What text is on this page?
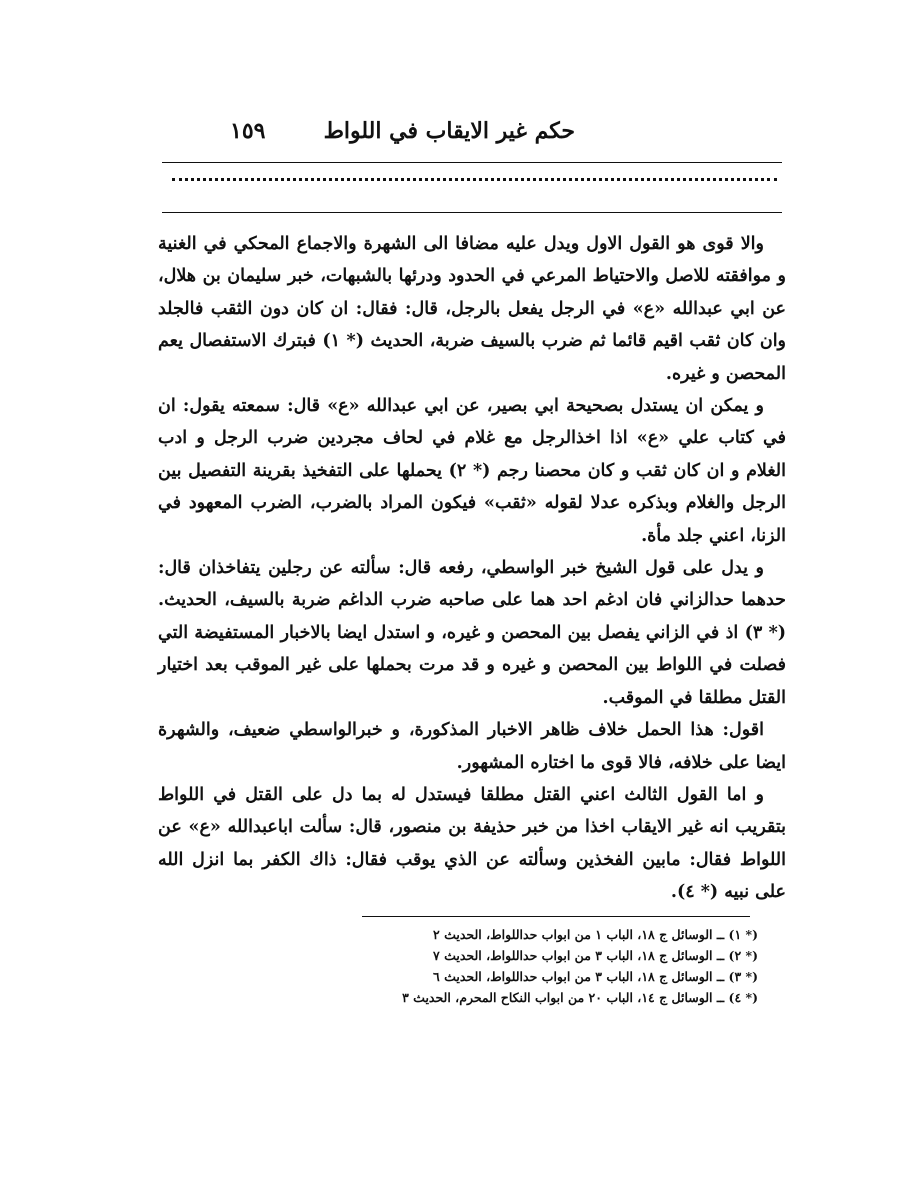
حكم غير الايقاب في اللواط
١٥٩

والا قوى هو القول الاول ويدل عليه مضافا الى الشهرة والاجماع المحكي في الغنية و موافقته للاصل والاحتياط المرعي في الحدود ودرئها بالشبهات، خبر سليمان بن هلال، عن ابي عبدالله «ع» في الرجل يفعل بالرجل، قال: فقال: ان كان دون الثقب فالجلد وان كان ثقب اقيم قائما ثم ضرب بالسيف ضربة، الحديث (* ١) فبترك الاستفصال يعم المحصن و غيره.

و يمكن ان يستدل بصحيحة ابي بصير، عن ابي عبدالله «ع» قال: سمعته يقول: ان في كتاب علي «ع» اذا اخذالرجل مع غلام في لحاف مجردين ضرب الرجل و ادب الغلام و ان كان ثقب و كان محصنا رجم (* ٢) يحملها على التفخيذ بقرينة التفصيل بين الرجل والغلام وبذكره عدلا لقوله «ثقب» فيكون المراد بالضرب، الضرب المعهود في الزنا، اعني جلد مأة.

و يدل على قول الشيخ خبر الواسطي، رفعه قال: سألته عن رجلين يتفاخذان قال: حدهما حدالزاني فان ادغم احد هما على صاحبه ضرب الداغم ضربة بالسيف، الحديث. (* ٣) اذ في الزاني يفصل بين المحصن و غيره، و استدل ايضا بالاخبار المستفيضة التي فصلت في اللواط بين المحصن و غيره و قد مرت بحملها على غير الموقب بعد اختيار القتل مطلقا في الموقب.

اقول: هذا الحمل خلاف ظاهر الاخبار المذكورة، و خبرالواسطي ضعيف، والشهرة ايضا على خلافه، فالا قوى ما اختاره المشهور.

و اما القول الثالث اعني القتل مطلقا فيستدل له بما دل على القتل في اللواط بتقريب انه غير الايقاب اخذا من خبر حذيفة بن منصور، قال: سألت اباعبدالله «ع» عن اللواط فقال: مابين الفخذين وسألته عن الذي يوقب فقال: ذاك الكفر بما انزل الله على نبيه (* ٤).

(* ١) ــ الوسائل ج ١٨، الباب ١ من ابواب حداللواط، الحديث ٢
(* ٢) ــ الوسائل ج ١٨، الباب ٣ من ابواب حداللواط، الحديث ٧
(* ٣) ــ الوسائل ج ١٨، الباب ٣ من ابواب حداللواط، الحديث ٦
(* ٤) ــ الوسائل ج ١٤، الباب ٢٠ من ابواب النكاح المحرم، الحديث ٣
